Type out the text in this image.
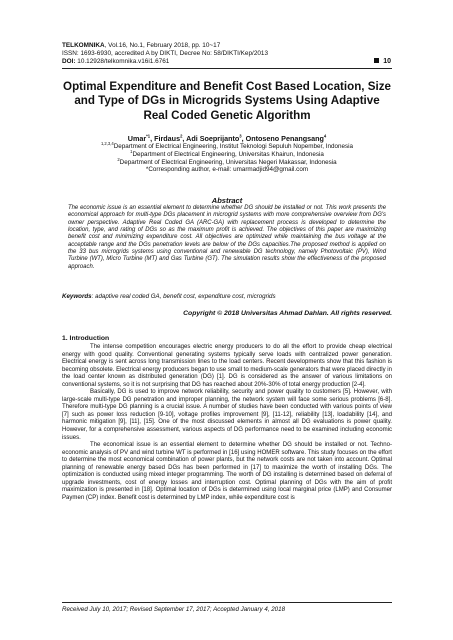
TELKOMNIKA, Vol.16, No.1, February 2018, pp. 10~17
ISSN: 1693-6930, accredited A by DIKTI, Decree No: 58/DIKTI/Kep/2013
DOI: 10.12928/telkomnika.v16i1.6761	10
Optimal Expenditure and Benefit Cost Based Location, Size and Type of DGs in Microgrids Systems Using Adaptive Real Coded Genetic Algorithm
Umar$^{*1}$, Firdaus$^2$, Adi Soeprijanto$^3$, Ontoseno Penangsang$^4$
$^{1,2,3,4}$Department of Electrical Engineering, Institut Teknologi Sepuluh Nopember, Indonesia
$^1$Department of Electrical Engineering, Universitas Khairun, Indonesia
$^2$Department of Electrical Engineering, Universitas Negeri Makassar, Indonesia
*Corresponding author, e-mail: umarmadjid94@gmail.com
Abstract
The economic issue is an essential element to determine whether DG should be installed or not. This work presents the economical approach for multi-type DGs placement in microgrid systems with more comprehensive overview from DG's owner perspective. Adaptive Real Coded GA (ARC-GA) with replacement process is developed to determine the location, type, and rating of DGs so as the maximum profit is achieved. The objectives of this paper are maximizing benefit cost and minimizing expenditure cost. All objectives are optimized while maintaining the bus voltage at the acceptable range and the DGs penetration levels are below of the DGs capacities.The proposed method is applied on the 33 bus microgrids systems using conventional and renewable DG technology, namely Photovoltaic (PV), Wind Turbine (WT), Micro Turbine (MT) and Gas Turbine (GT). The simulation results show the effectiveness of the proposed approach.
Keywords: adaptive real coded GA, benefit cost, expenditure cost, microgrids
Copyright © 2018 Universitas Ahmad Dahlan. All rights reserved.
1. Introduction

The intense competition encourages electric energy producers to do all the effort to provide cheap electrical energy with good quality. Conventional generating systems typically serve loads with centralized power generation. Electrical energy is sent across long transmission lines to the load centers. Recent developments show that this fashion is becoming obsolete. Electrical energy producers began to use small to medium-scale generators that were placed directly in the load center known as distributed generation (DG) [1]. DG is considered as the answer of various limitations on conventional systems, so it is not surprising that DG has reached about 20%-30% of total energy production [2-4].

Basically, DG is used to improve network reliability, security and power quality to customers [5]. However, with large-scale multi-type DG penetration and improper planning, the network system will face some serious problems [6-8]. Therefore multi-type DG planning is a crucial issue. A number of studies have been conducted with various points of view [7] such as power loss reduction [9-10], voltage profiles improvement [9], [11-12], reliability [13], loadability [14], and harmonic mitigation [9], [11], [15]. One of the most discussed elements in almost all DG evaluations is power quality. However, for a comprehensive assessment, various aspects of DG performance need to be examined including economic issues.

The economical issue is an essential element to determine whether DG should be installed or not. Techno-economic analysis of PV and wind turbine WT is performed in [16] using HOMER software. This study focuses on the effort to determine the most economical combination of power plants, but the network costs are not taken into account. Optimal planning of renewable energy based DGs has been performed in [17] to maximize the worth of installing DGs. The optimization is conducted using mixed integer programming. The worth of DG installing is determined based on deferral of upgrade investments, cost of energy losses and interruption cost. Optimal planning of DGs with the aim of profit maximization is presented in [18]. Optimal location of DGs is determined using local marginal price (LMP) and Consumer Paymen (CP) index. Benefit cost is determined by LMP index, while expenditure cost is

Received July 10, 2017; Revised September 17, 2017; Accepted January 4, 2018
